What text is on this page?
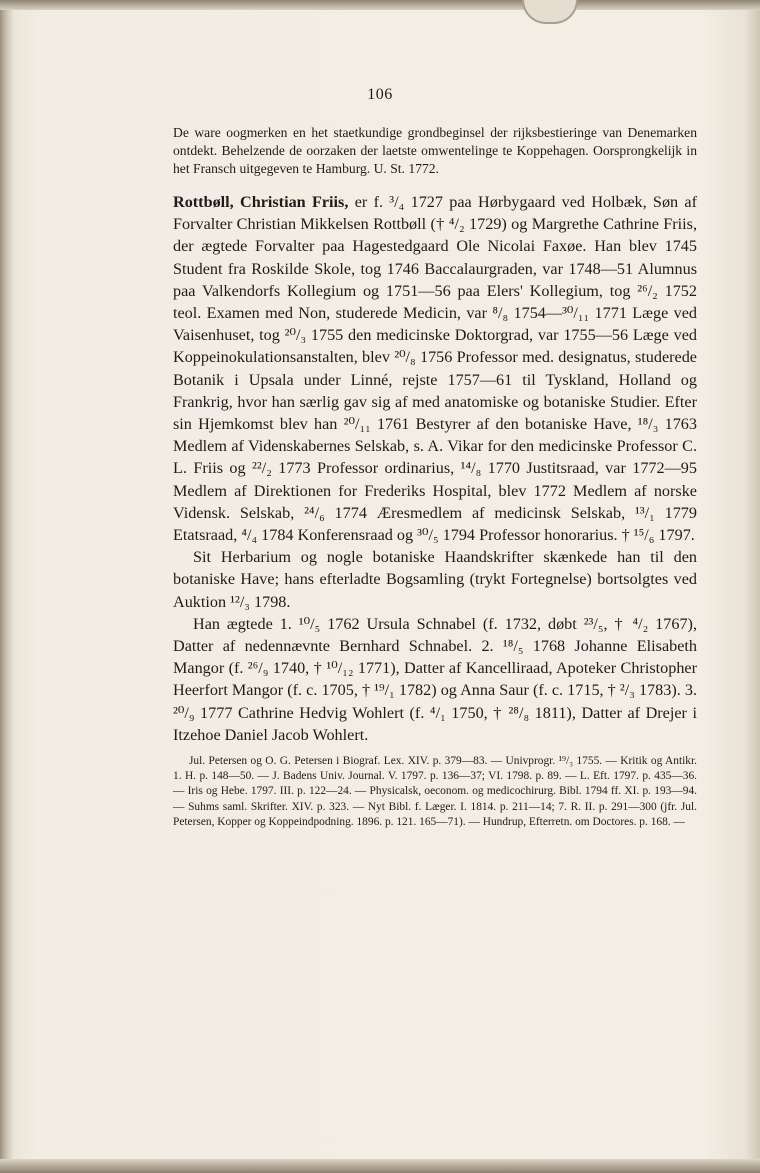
106

De ware oogmerken en het staetkundige grondbeginsel der rijksbestieringe van Denemarken ontdekt. Behelzende de oorzaken der laetste omwentelinge te Koppehagen. Oorsprongkelijk in het Fransch uitgegeven te Hamburg. U. St. 1772.

Rottbøll, Christian Friis, er f. ³/₄ 1727 paa Hørbygaard ved Holbæk, Søn af Forvalter Christian Mikkelsen Rottbøll († ⁴/₂ 1729) og Margrethe Cathrine Friis, der ægtede Forvalter paa Hagestedgaard Ole Nicolai Faxøe. Han blev 1745 Student fra Roskilde Skole, tog 1746 Baccalaurgraden, var 1748—51 Alumnus paa Valkendorfs Kollegium og 1751—56 paa Elers' Kollegium, tog ²⁶/₂ 1752 teol. Examen med Non, studerede Medicin, var ⁸/₈ 1754—³⁰/₁₁ 1771 Læge ved Vaisenhuset, tog ²⁰/₃ 1755 den medicinske Doktorgrad, var 1755—56 Læge ved Koppeinokulationsanstalten, blev ²⁰/₈ 1756 Professor med. designatus, studerede Botanik i Upsala under Linné, rejste 1757—61 til Tyskland, Holland og Frankrig, hvor han særlig gav sig af med anatomiske og botaniske Studier. Efter sin Hjemkomst blev han ²⁰/₁₁ 1761 Bestyrer af den botaniske Have, ¹⁸/₃ 1763 Medlem af Videnskabernes Selskab, s. A. Vikar for den medicinske Professor C. L. Friis og ²²/₂ 1773 Professor ordinarius, ¹⁴/₈ 1770 Justitsraad, var 1772—95 Medlem af Direktionen for Frederiks Hospital, blev 1772 Medlem af norske Vidensk. Selskab, ²⁴/₆ 1774 Æresmedlem af medicinsk Selskab, ¹³/₁ 1779 Etatsraad, ⁴/₄ 1784 Konferensraad og ³⁰/₅ 1794 Professor honorarius. † ¹⁵/₆ 1797.

Sit Herbarium og nogle botaniske Haandskrifter skænkede han til den botaniske Have; hans efterladte Bogsamling (trykt Fortegnelse) bortsolgtes ved Auktion ¹²/₃ 1798.

Han ægtede 1. ¹⁰/₅ 1762 Ursula Schnabel (f. 1732, døbt ²³/₅, † ⁴/₂ 1767), Datter af nedennævnte Bernhard Schnabel. 2. ¹⁸/₅ 1768 Johanne Elisabeth Mangor (f. ²⁶/₉ 1740, † ¹⁰/₁₂ 1771), Datter af Kancelliraad, Apoteker Christopher Heerfort Mangor (f. c. 1705, † ¹⁹/₁ 1782) og Anna Saur (f. c. 1715, † ²/₃ 1783). 3. ²⁰/₉ 1777 Cathrine Hedvig Wohlert (f. ⁴/₁ 1750, † ²⁸/₈ 1811), Datter af Drejer i Itzehoe Daniel Jacob Wohlert.

Jul. Petersen og O. G. Petersen i Biograf. Lex. XIV. p. 379—83. — Univprogr. ¹⁹/₃ 1755. — Kritik og Antikr. 1. H. p. 148—50. — J. Badens Univ. Journal. V. 1797. p. 136—37; VI. 1798. p. 89. — L. Eft. 1797. p. 435—36. — Iris og Hebe. 1797. III. p. 122—24. — Physicalsk, oeconom. og medicochirurg. Bibl. 1794 ff. XI. p. 193—94. — Suhms saml. Skrifter. XIV. p. 323. — Nyt Bibl. f. Læger. I. 1814. p. 211—14; 7. R. II. p. 291—300 (jfr. Jul. Petersen, Kopper og Koppeindpodning. 1896. p. 121. 165—71). — Hundrup, Efterretn. om Doctores. p. 168. —
